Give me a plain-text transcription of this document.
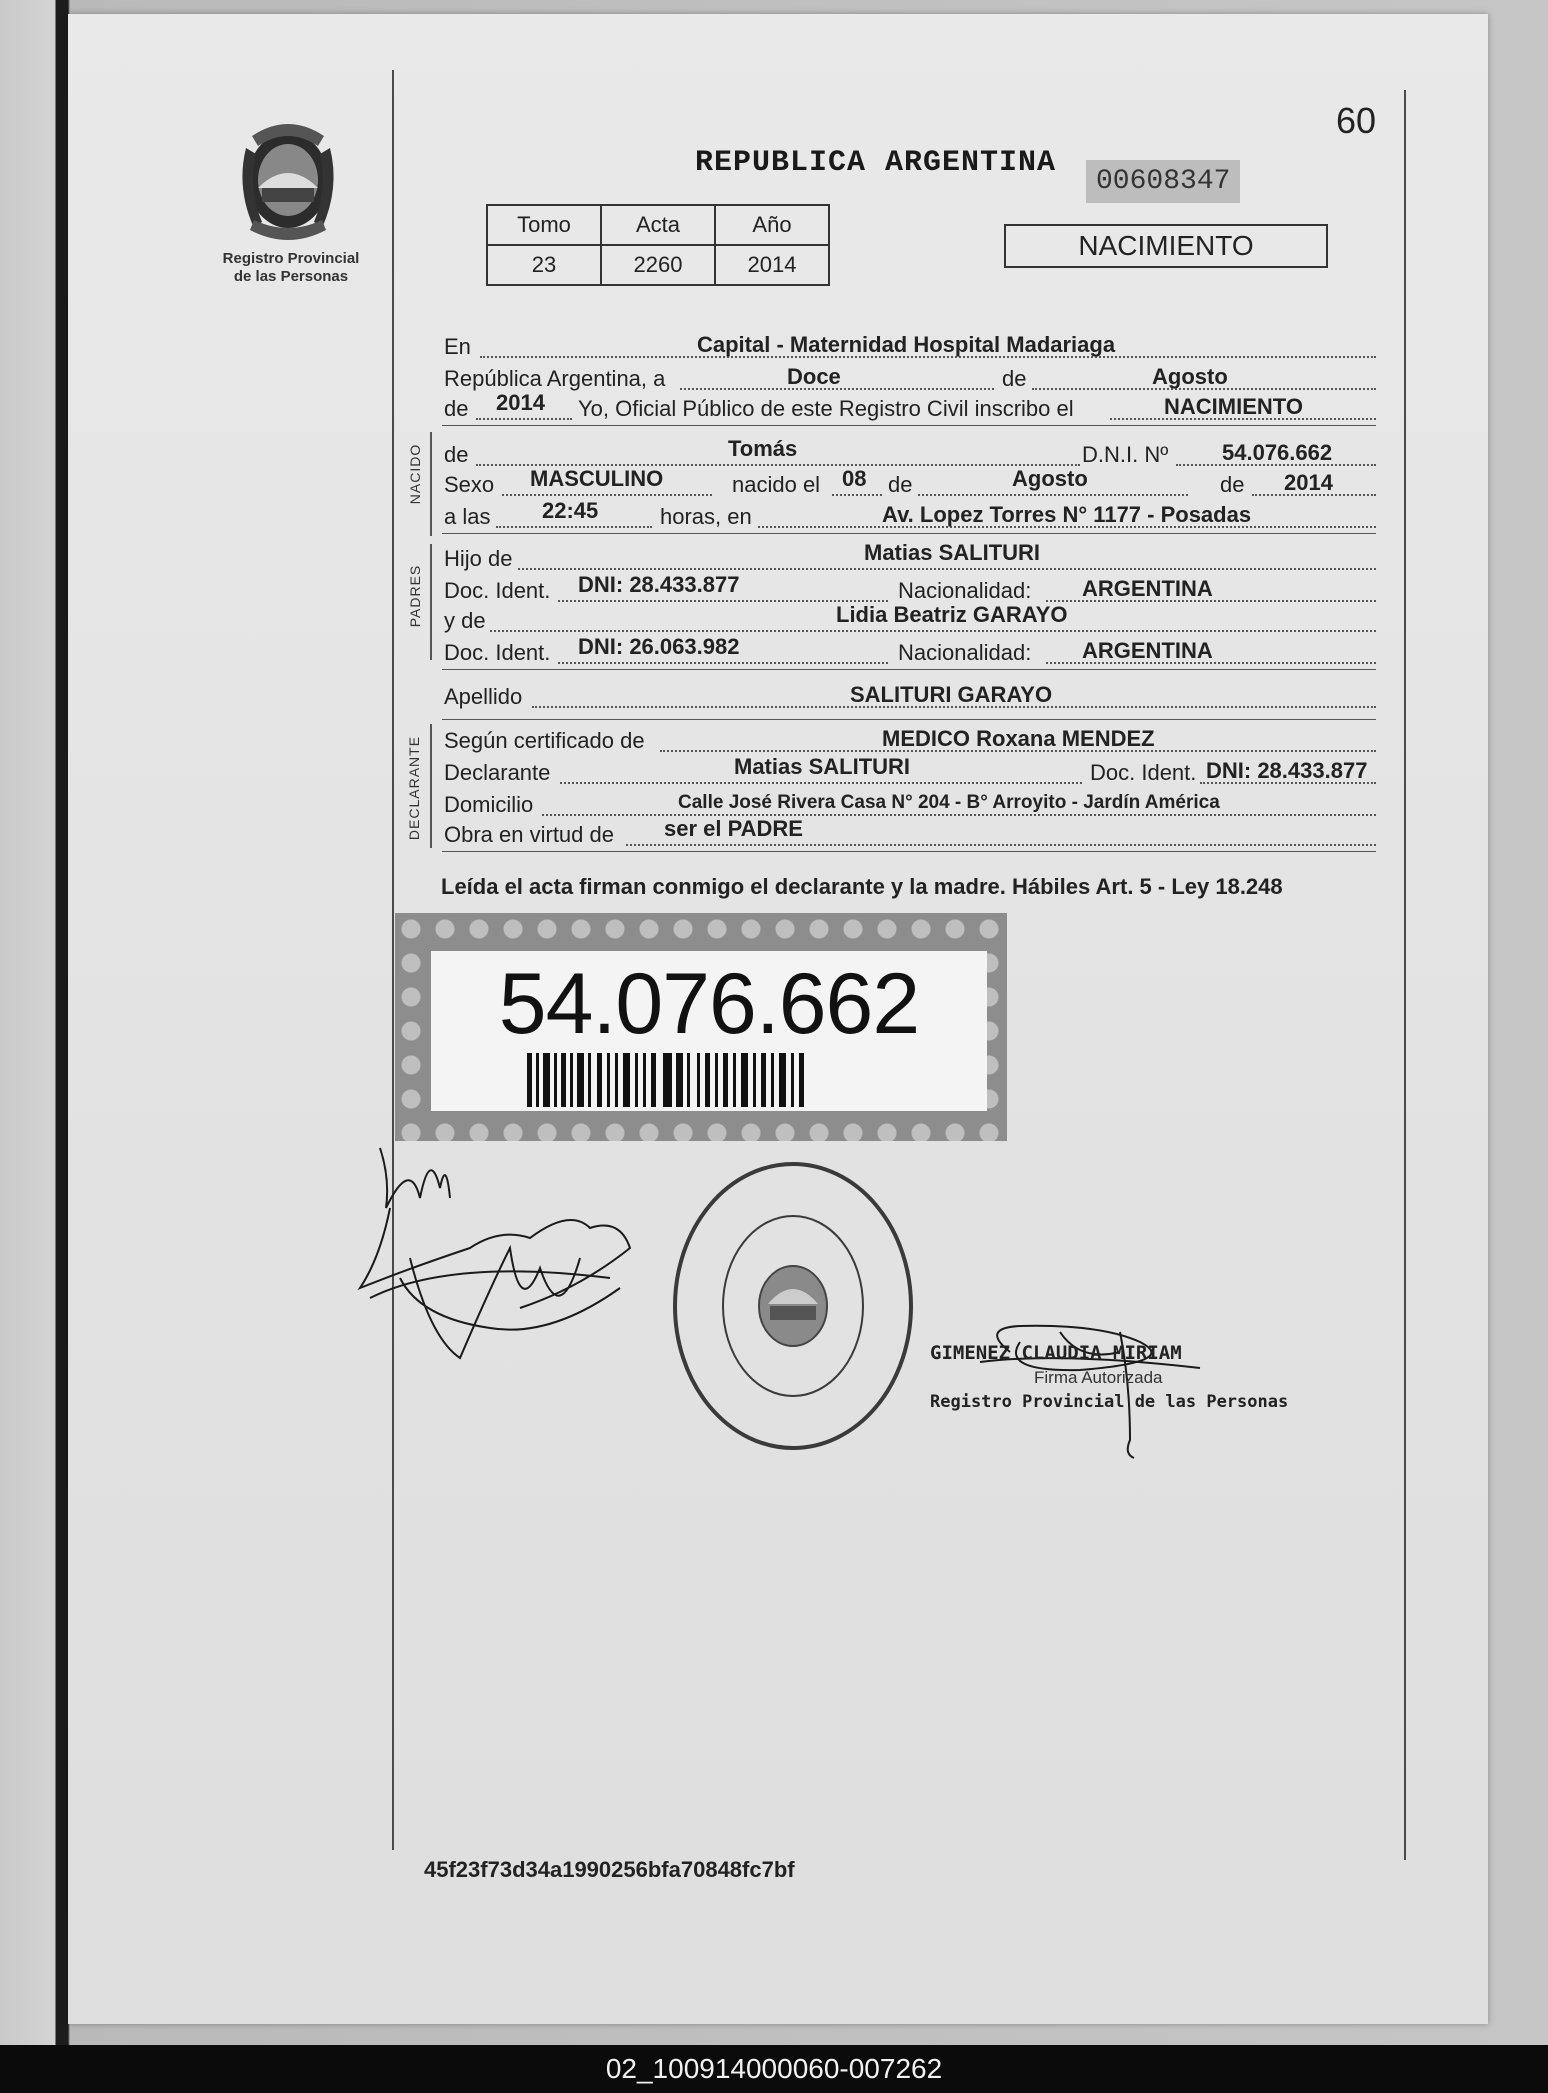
Registro Provincial
de las Personas
60
REPUBLICA ARGENTINA
00608347
Tomo	Acta	Año
23	2260	2014
NACIMIENTO
NACIDO
PADRES
DECLARANTE
En	Capital - Maternidad Hospital Madariaga
República Argentina, a	Doce	de	Agosto
de 2014 Yo, Oficial Público de este Registro Civil inscribo el	NACIMIENTO
de	Tomás	D.N.I. Nº 54.076.662
Sexo MASCULINO	nacido el 08 de	Agosto	de 2014
a las 22:45	horas, en	Av. Lopez Torres N° 1177 - Posadas
Hijo de	Matias SALITURI
Doc. Ident. DNI: 28.433.877	Nacionalidad: ARGENTINA
y de	Lidia Beatriz GARAYO
Doc. Ident. DNI: 26.063.982	Nacionalidad: ARGENTINA
Apellido	SALITURI GARAYO
Según certificado de	MEDICO Roxana MENDEZ
Declarante	Matias SALITURI	Doc. Ident. DNI: 28.433.877
Domicilio	Calle José Rivera Casa N° 204 - B° Arroyito - Jardín América
Obra en virtud de ser el PADRE
Leída el acta firman conmigo el declarante y la madre. Hábiles Art. 5 - Ley 18.248
54.076.662
GIMENEZ CLAUDIA MIRIAM
Firma Autorizada
Registro Provincial de las Personas
45f23f73d34a1990256bfa70848fc7bf
02_100914000060-007262
